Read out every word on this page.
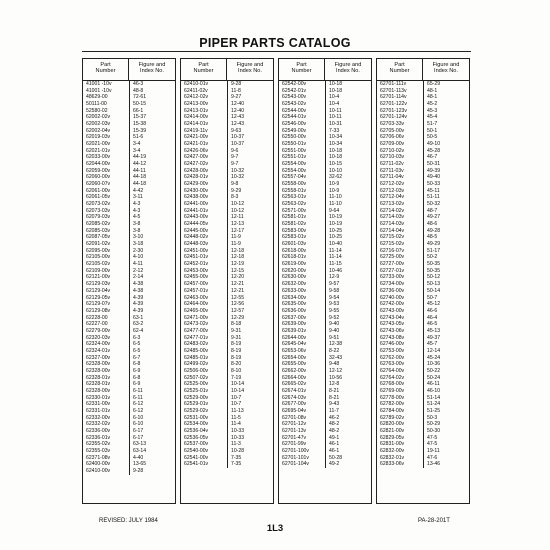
PIPER PARTS CATALOG
Part
Number
Figure and
Index No.
41001 -10v	46-3
41001 -10v	48-8
48629-00	72-61
50111-00	50-15
52580-02	66-1
62002-02v	15-37
62002-03v	15-38
62002-04v	15-39
62019-03v	51-6
62021-00v	3-4
62021-01v	3-4
62033-00v	44-19
62044-00v	44-12
62059-00v	44-11
62060-00v	44-18
62060-07v	44-18
62061-00v	4-42
62061-05v	3-11
62073-02v	4-3
62073-03v	4-3
62079-03v	4-5
62085-02v	3-8
62085-03v	3-8
62087-05v	3-10
62091-02v	3-18
62095-00v	2-30
62105-00v	4-10
62105-02v	4-11
62109-00v	2-12
62121-00v	2-14
62129-03v	4-38
62129-04v	4-38
62129-05v	4-39
62129-07v	4-39
62129-08v	4-39
62228-00	63-1
62227-00	63-2
62279-00v	62-4
62320-03v	6-3
62324-00v	6-5
62324-01v	6-5
62327-00v	6-7
62328-00v	6-8
62328-00v	6-9
62328-01v	6-8
62328-01v	6-9
62328-00v	6-11
62330-01v	6-11
62331-00v	6-12
62331-01v	6-12
62332-00v	6-10
62332-02v	6-10
62336-00v	6-17
62336-01v	6-17
62355-02v	63-13
62355-03v	63-14
62371-08v	4-40
62400-00v	13-65
62410-00v	9-28
Part
Number
Figure and
Index No.
62410-01v	9-28
62411-02v	11-8
62412-02v	9-27
62413-00v	12-40
62413-01v	12-40
62414-00v	12-43
62414-01v	12-43
62419-11v	9-63
62421-00v	10-37
62421-01v	10-37
62426-06v	9-6
62427-00v	9-7
62427-02v	9-7
62428-00v	10-32
62428-01v	10-32
62429-00v	9-8
62430-00v	9-29
62438-00v	8-3
62441-00v	10-12
62441-01v	10-12
62443-00v	12-11
62444-05v	12-13
62445-00v	12-17
62448-02v	11-9
62448-03v	11-9
62451-00v	12-18
62451-01v	12-18
62452-01v	12-19
62453-00v	12-15
62455-00v	12-20
62457-00v	12-21
62457-01v	12-21
62463-00v	12-55
62464-00v	12-56
62465-00v	12-57
62471-00v	12-29
62473-02v	8-18
62477-00v	9-31
62477-01v	9-31
62483-02v	8-19
62485-00v	8-19
62485-01v	8-19
62499-02v	8-20
62506-00v	8-10
62507-02v	7-19
62525-00v	10-14
62525-01v	10-14
62529-00v	10-7
62529-01v	10-7
62529-02v	11-13
62531-00v	11-5
62534-00v	11-4
62536-04v	10-33
62536-05v	10-33
62537-00v	11-3
62540-00v	10-28
62541-00v	7-35
62541-01v	7-35
Part
Number
Figure and
Index No.
62542-00v	10-18
62542-01v	10-18
62543-00v	10-4
62543-02v	10-4
62544-00v	10-11
62544-01v	10-11
62546-00v	10-31
62549-00v	7-33
62550-00v	10-34
62550-01v	10-34
62551-00v	10-18
62551-01v	10-18
62554-00v	10-15
62554-00v	10-10
62557-04v	32-62
62558-00v	10-9
62558-01v	10-9
62563-01v	11-10
62563-02v	11-10
62571-00v	9-64
62581-01v	10-19
62581-02v	10-19
62583-00v	10-25
62583-01v	10-25
62601-03v	10-40
62618-00v	11-14
62618-01v	11-14
62619-00v	11-15
62620-00v	10-46
62630-00v	12-9
62632-00v	9-57
62633-00v	9-58
62634-00v	9-54
62635-00v	9-53
62636-00v	9-55
62637-00v	9-52
62639-00v	9-40
62639-01v	9-40
62644-00v	9-51
62645-04v	12-38
62653-06v	8-22
62654-00v	32-43
62655-00v	9-48
62662-00v	12-12
62664-00v	10-56
62665-02v	12-8
62674-01v	8-21
62674-03v	8-21
62677-00v	9-43
62695-04v	11-7
62701-08v	46-2
62701-12v	48-2
62701-13v	48-2
62701-47v	49-1
62701-99v	46-1
62701-100v	46-1
62701-101v	50-28
62701-104v	49-2
Part
Number
Figure and
Index No.
62701-111v	65-29
62701-113v	48-1
62701-114v	48-1
62701-122v	45-2
62701-123v	45-3
62701-124v	45-4
62703-33v	51-7
62705-00v	50-1
62706-06v	50-5
62709-00v	49-10
62710-02v	45-28
62710-03v	46-7
62711-02v	50-31
62711-03v	49-39
62711-04v	49-40
62712-02v	50-33
62712-03v	45-11
62712-04v	51-11
62713-02v	50-32
62714-02v	48-7
62714-03v	49-27
62714-03v	48-6
62714-04v	49-28
62715-02v	48-5
62715-02v	49-29
62716-07v	51-17
62725-00v	50-2
62727-00v	50-35
62727-01v	50-35
62733-00v	50-12
62734-00v	50-13
62736-00v	50-14
62740-00v	50-7
62742-00v	45-12
62743-00v	46-6
62743-04v	46-4
62743-05v	46-5
62743-06v	45-13
62743-08v	49-37
62746-00v	45-7
62753-00v	12-14
62762-00v	45-24
62763-00v	10-36
62764-00v	50-22
62764-02v	50-24
62768-00v	46-11
62769-00v	46-10
62778-00v	51-14
62782-00v	51-24
62784-00v	51-25
62789-02v	50-3
62820-00v	50-29
62821-00v	50-30
62829-05v	47-5
62831-00v	47-5
62832-00v	19-11
62832-01v	47-6
62833-06v	13-46
REVISED: JULY 1984
1L3
PA-28-201T
